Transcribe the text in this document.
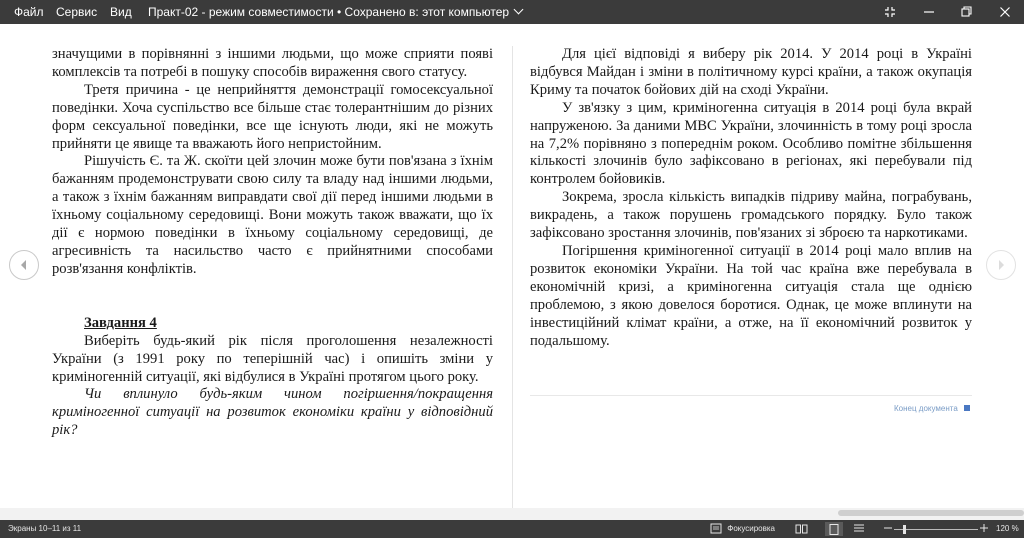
Файл Сервис Вид Практ-02 - режим совместимости • Сохранено в: этот компьютер

значущими в порівнянні з іншими людьми, що може сприяти появі комплексів та потребі в пошуку способів вираження свого статусу.

Третя причина - це неприйняття демонстрації гомосексуальної поведінки. Хоча суспільство все більше стає толерантнішим до різних форм сексуальної поведінки, все ще існують люди, які не можуть прийняти це явище та вважають його непристойним.

Рішучість Є. та Ж. скоїти цей злочин може бути пов'язана з їхнім бажанням продемонструвати свою силу та владу над іншими людьми, а також з їхнім бажанням виправдати свої дії перед іншими людьми в їхньому соціальному середовищі. Вони можуть також вважати, що їх дії є нормою поведінки в їхньому соціальному середовищі, де агресивність та насильство часто є прийнятними способами розв'язання конфліктів.

Завдання 4

Виберіть будь-який рік після проголошення незалежності України (з 1991 року по теперішній час) і опишіть зміни у криміногенній ситуації, які відбулися в Україні протягом цього року.

Чи вплинуло будь-яким чином погіршення/покращення криміногенної ситуації на розвиток економіки країни у відповідний рік?

Для цієї відповіді я виберу рік 2014. У 2014 році в Україні відбувся Майдан і зміни в політичному курсі країни, а також окупація Криму та початок бойових дій на сході України.

У зв'язку з цим, криміногенна ситуація в 2014 році була вкрай напруженою. За даними МВС України, злочинність в тому році зросла на 7,2% порівняно з попереднім роком. Особливо помітне збільшення кількості злочинів було зафіксовано в регіонах, які перебували під контролем бойовиків.

Зокрема, зросла кількість випадків підриву майна, пограбувань, викрадень, а також порушень громадського порядку. Було також зафіксовано зростання злочинів, пов'язаних зі зброєю та наркотиками.

Погіршення криміногенної ситуації в 2014 році мало вплив на розвиток економіки України. На той час країна вже перебувала в економічній кризі, а криміногенна ситуація стала ще однією проблемою, з якою довелося боротися. Однак, це може вплинути на інвестиційний клімат країни, а отже, на її економічний розвиток у подальшому.

Конец документа
Экраны 10–11 из 11	Фокусировка	120 %
